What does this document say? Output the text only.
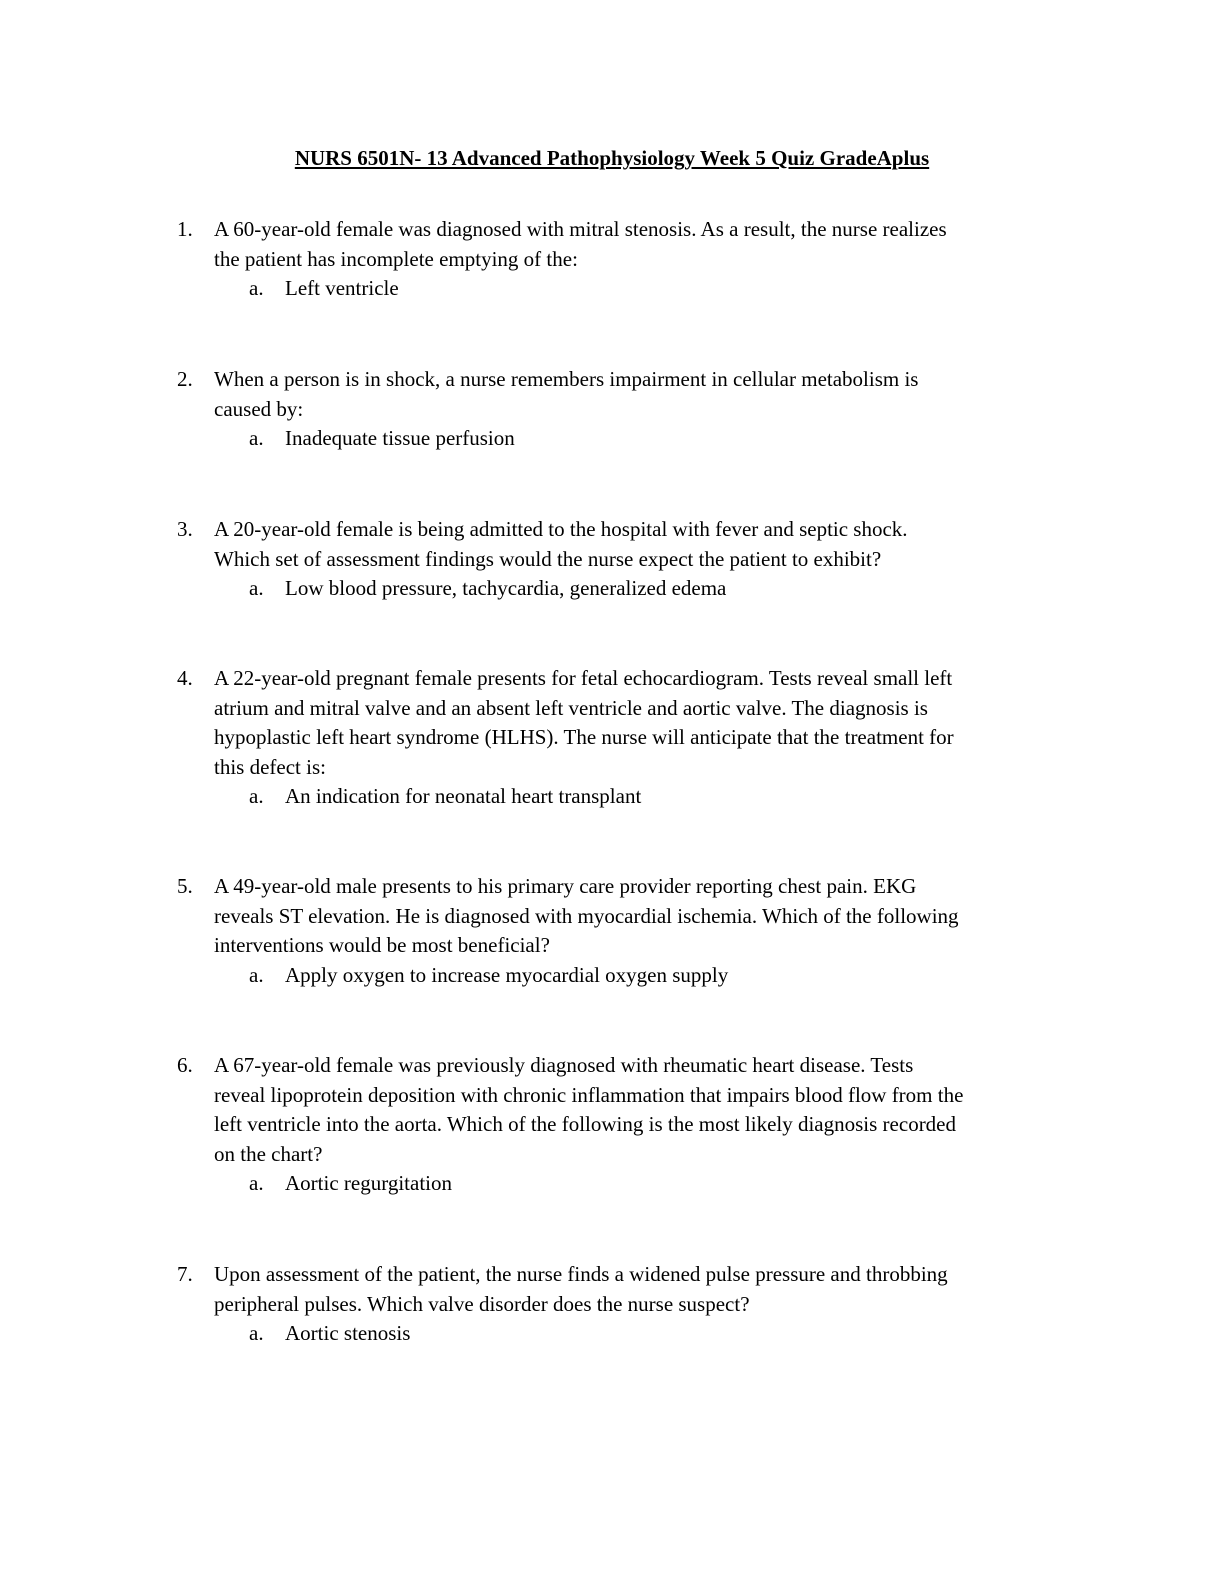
NURS 6501N- 13 Advanced Pathophysiology Week 5 Quiz GradeAplus
1. A 60-year-old female was diagnosed with mitral stenosis. As a result, the nurse realizes
the patient has incomplete emptying of the:
a. Left ventricle
2. When a person is in shock, a nurse remembers impairment in cellular metabolism is
caused by:
a. Inadequate tissue perfusion
3. A 20-year-old female is being admitted to the hospital with fever and septic shock.
Which set of assessment findings would the nurse expect the patient to exhibit?
a. Low blood pressure, tachycardia, generalized edema
4. A 22-year-old pregnant female presents for fetal echocardiogram. Tests reveal small left
atrium and mitral valve and an absent left ventricle and aortic valve. The diagnosis is
hypoplastic left heart syndrome (HLHS). The nurse will anticipate that the treatment for
this defect is:
a. An indication for neonatal heart transplant
5. A 49-year-old male presents to his primary care provider reporting chest pain. EKG
reveals ST elevation. He is diagnosed with myocardial ischemia. Which of the following
interventions would be most beneficial?
a. Apply oxygen to increase myocardial oxygen supply
6. A 67-year-old female was previously diagnosed with rheumatic heart disease. Tests
reveal lipoprotein deposition with chronic inflammation that impairs blood flow from the
left ventricle into the aorta. Which of the following is the most likely diagnosis recorded
on the chart?
a. Aortic regurgitation
7. Upon assessment of the patient, the nurse finds a widened pulse pressure and throbbing
peripheral pulses. Which valve disorder does the nurse suspect?
a. Aortic stenosis
